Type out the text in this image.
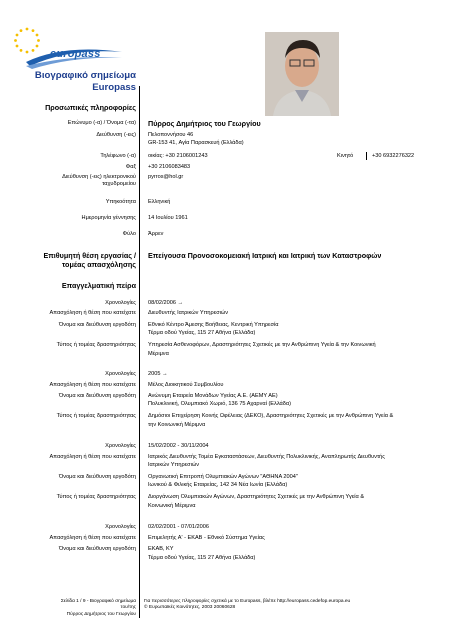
europass
Βιογραφικό σημείωμα
Europass
Προσωπικές πληροφορίες
Επώνυμο (-α) / Όνομα (-τα) Πύρρος Δημήτριος του Γεωργίου
Διεύθυνση (-εις) Πελοποννήσου 46
GR-153 41, Αγία Παρασκευή (Ελλάδα)
Τηλέφωνο (-α) οικίας: +30 2106001243	Κινητό	+30 6932276322
Φαξ +30 2106083483
Διεύθυνση (-εις) ηλεκτρονικού
ταχυδρομείου
pyrros@hol.gr
Υπηκοότητα Ελληνική
Ημερομηνία γέννησης 14 Ιουλίου 1961
Φύλο Άρρεν
Επιθυμητή θέση εργασίας /
τομέας απασχόλησης
Επείγουσα Προνοσοκομειακή Ιατρική και Ιατρική των Καταστροφών
Επαγγελματική πείρα
Χρονολογίες 08/02/2006 →
Απασχόληση ή θέση που κατείχατε Διευθυντής Ιατρικών Υπηρεσιών
Όνομα και διεύθυνση εργοδότη Εθνικό Κέντρο Άμεσης Βοήθειας, Κεντρική Υπηρεσία
Τέρμα οδού Υγείας, 115 27 Αθήνα (Ελλάδα)
Τύπος ή τομέας δραστηριότητας Υπηρεσία Ασθενοφόρων, Δραστηριότητες Σχετικές με την Ανθρώπινη Υγεία & την Κοινωνική
Μέριμνα
Χρονολογίες 2005 →
Απασχόληση ή θέση που κατείχατε Μέλος Διοικητικού Συμβουλίου
Όνομα και διεύθυνση εργοδότη Ανώνυμη Εταιρεία Μονάδων Υγείας Α.Ε. (ΑΕΜΥ ΑΕ)
Πολυκλινική, Ολυμπιακό Χωριό, 136 75 Αχαρναί (Ελλάδα)
Τύπος ή τομέας δραστηριότητας Δημόσιοι Επιχείρηση Κοινής Ωφέλειας (ΔΕΚΟ), Δραστηριότητες Σχετικές με την Ανθρώπινη Υγεία &
την Κοινωνική Μέριμνα
Χρονολογίες 15/02/2002 - 30/11/2004
Απασχόληση ή θέση που κατείχατε Ιατρικός Διευθυντής Τομέα Εγκαταστάσεων, Διευθυντής Πολυκλινικής, Αναπληρωτής Διευθυντής
Ιατρικών Υπηρεσιών
Όνομα και διεύθυνση εργοδότη Οργανωτική Επιτροπή Ολυμπιακών Αγώνων "ΑΘΗΝΑ 2004"
Ιωνικού & Φιλικής Εταιρείας, 142 34 Νέα Ιωνία (Ελλάδα)
Τύπος ή τομέας δραστηριότητας Διοργάνωση Ολυμπιακών Αγώνων, Δραστηριότητες Σχετικές με την Ανθρώπινη Υγεία &
Κοινωνική Μέριμνα
Χρονολογίες 02/02/2001 - 07/01/2006
Απασχόληση ή θέση που κατείχατε Επιμελητής Α' - ΕΚΑΒ - Εθνικό Σύστημα Υγείας
Όνομα και διεύθυνση εργοδότη ΕΚΑΒ, ΚΥ
Τέρμα οδού Υγείας, 115 27 Αθήνα (Ελλάδα)
Σελίδα 1 / 9 - Βιογραφικό σημείωμα
του/της
Πύρρος Δημήτριος του Γεωργίου
Για περισσότερες πληροφορίες σχετικά με το Europass, βλέπε http://europass.cedefop.europa.eu
© Ευρωπαϊκές Κοινότητες, 2003 20060628
